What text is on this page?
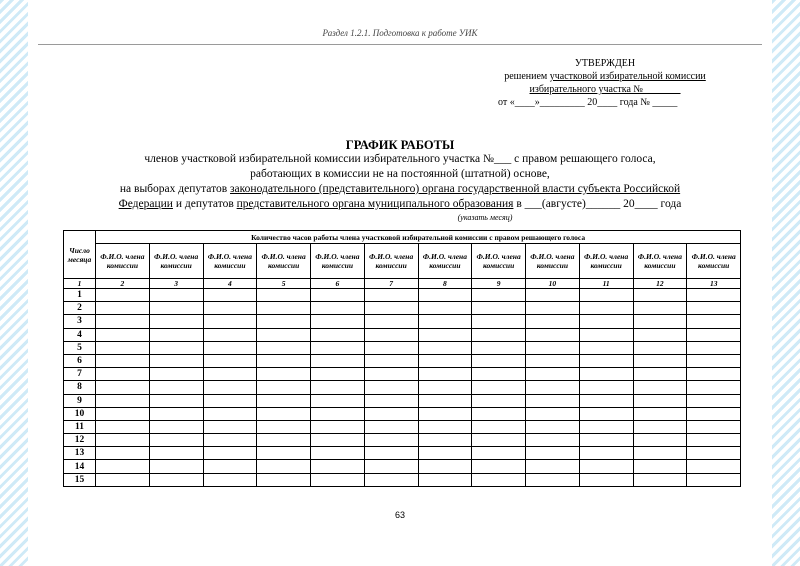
Раздел 1.2.1. Подготовка к работе УИК
УТВЕРЖДЕН
решением участковой избирательной комиссии
избирательного участка № _______
от «____»_________ 20____ года № _____
ГРАФИК РАБОТЫ
членов участковой избирательной комиссии избирательного участка №___ с правом решающего голоса,
работающих в комиссии не на постоянной (штатной) основе,
на выборах депутатов законодательного (представительного) органа государственной власти субъекта Российской
Федерации и депутатов представительного органа муниципального образования в ___(августе)______ 20____ года
(указать месяц)
Число месяца	Количество часов работы члена участковой избирательной комиссии с правом решающего голоса											
	Ф.И.О. члена комиссии	Ф.И.О. члена комиссии	Ф.И.О. члена комиссии	Ф.И.О. члена комиссии	Ф.И.О. члена комиссии	Ф.И.О. члена комиссии	Ф.И.О. члена комиссии	Ф.И.О. члена комиссии	Ф.И.О. члена комиссии	Ф.И.О. члена комиссии	Ф.И.О. члена комиссии	Ф.И.О. члена комиссии
1	2	3	4	5	6	7	8	9	10	11	12	13
1												
2												
3												
4												
5												
6												
7												
8												
9												
10												
11												
12												
13												
14												
15												
63
